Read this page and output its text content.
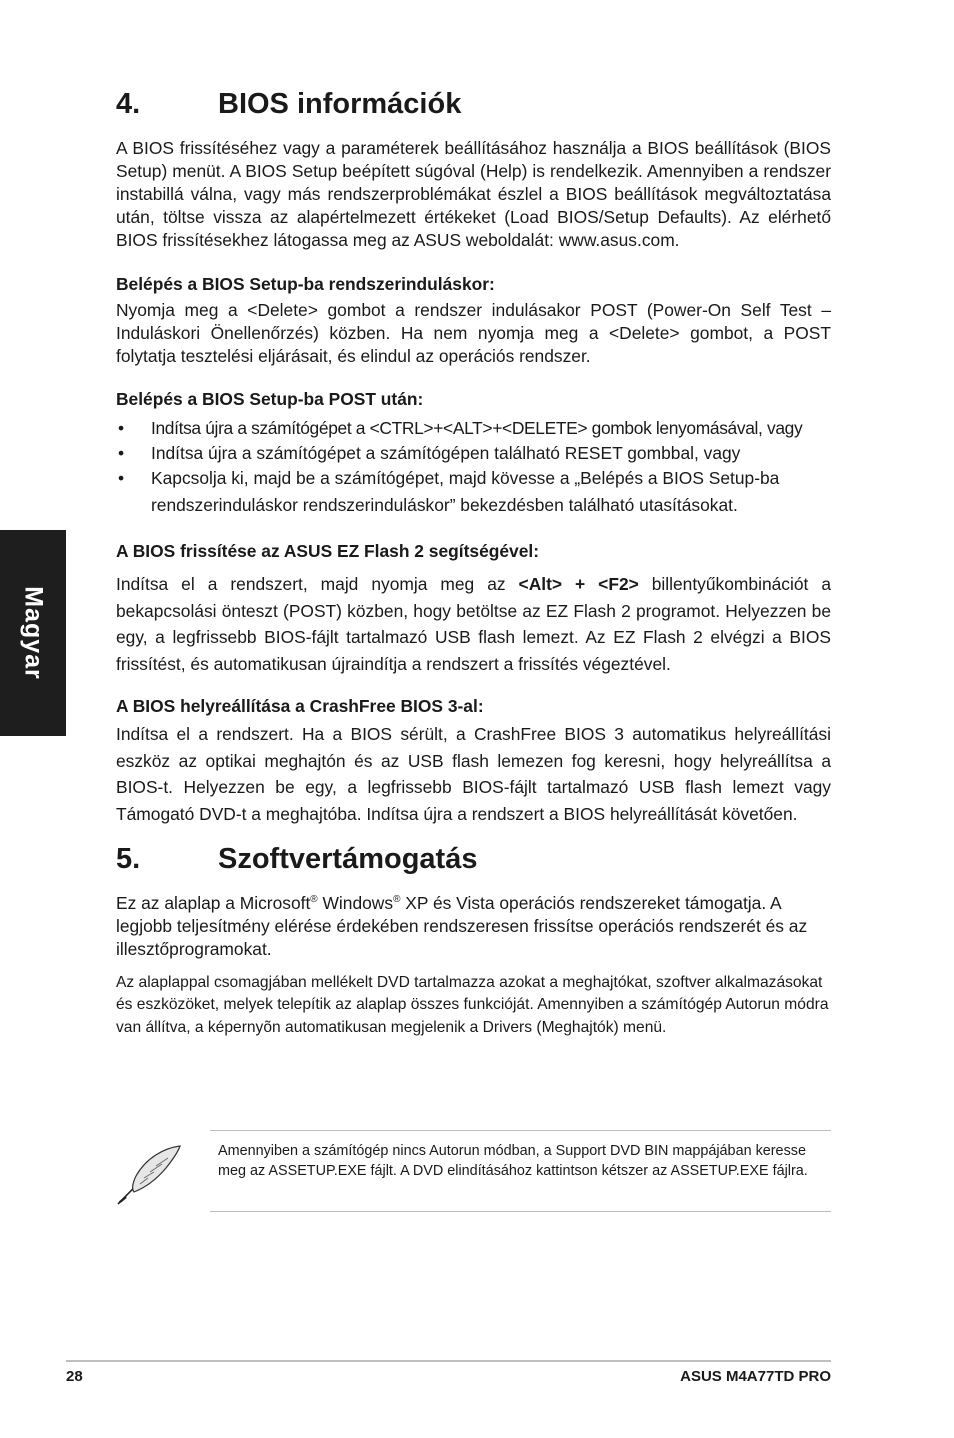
Magyar
4.	BIOS információk

A BIOS frissítéséhez vagy a paraméterek beállításához használja a BIOS beállítások (BIOS Setup) menüt. A BIOS Setup beépített súgóval (Help) is rendelkezik. Amennyiben a rendszer instabillá válna, vagy más rendszerproblémákat észlel a BIOS beállítások megváltoztatása után, töltse vissza az alapértelmezett értékeket (Load BIOS/Setup Defaults). Az elérhető BIOS frissítésekhez látogassa meg az ASUS weboldalát: www.asus.com.

Belépés a BIOS Setup-ba rendszerinduláskor:

Nyomja meg a <Delete> gombot a rendszer indulásakor POST (Power-On Self Test – Induláskori Önellenőrzés) közben. Ha nem nyomja meg a <Delete> gombot, a POST folytatja tesztelési eljárásait, és elindul az operációs rendszer.

Belépés a BIOS Setup-ba POST után:
• Indítsa újra a számítógépet a <CTRL>+<ALT>+<DELETE> gombok lenyomásával, vagy
• Indítsa újra a számítógépet a számítógépen található RESET gombbal, vagy
• Kapcsolja ki, majd be a számítógépet, majd kövesse a „Belépés a BIOS Setup-ba rendszerinduláskor rendszerinduláskor” bekezdésben található utasításokat.
A BIOS frissítése az ASUS EZ Flash 2 segítségével:

Indítsa el a rendszert, majd nyomja meg az <Alt> + <F2> billentyűkombinációt a bekapcsolási önteszt (POST) közben, hogy betöltse az EZ Flash 2 programot. Helyezzen be egy, a legfrissebb BIOS-fájlt tartalmazó USB flash lemezt. Az EZ Flash 2 elvégzi a BIOS frissítést, és automatikusan újraindítja a rendszert a frissítés végeztével.

A BIOS helyreállítása a CrashFree BIOS 3-al:

Indítsa el a rendszert. Ha a BIOS sérült, a CrashFree BIOS 3 automatikus helyreállítási eszköz az optikai meghajtón és az USB flash lemezen fog keresni, hogy helyreállítsa a BIOS-t. Helyezzen be egy, a legfrissebb BIOS-fájlt tartalmazó USB flash lemezt vagy Támogató DVD-t a meghajtóba. Indítsa újra a rendszert a BIOS helyreállítását követően.

5.	Szoftvertámogatás

Ez az alaplap a Microsoft® Windows® XP és Vista operációs rendszereket támogatja. A legjobb teljesítmény elérése érdekében rendszeresen frissítse operációs rendszerét és az illesztőprogramokat.

Az alaplappal csomagjában mellékelt DVD tartalmazza azokat a meghajtókat, szoftver alkalmazásokat és eszközöket, melyek telepítik az alaplap összes funkcióját. Amennyiben a számítógép Autorun módra van állítva, a képernyõn automatikusan megjelenik a Drivers (Meghajtók) menü.

Amennyiben a számítógép nincs Autorun módban, a Support DVD BIN mappájában keresse meg az ASSETUP.EXE fájlt. A DVD elindításához kattintson kétszer az ASSETUP.EXE fájlra.

28	ASUS M4A77TD PRO
